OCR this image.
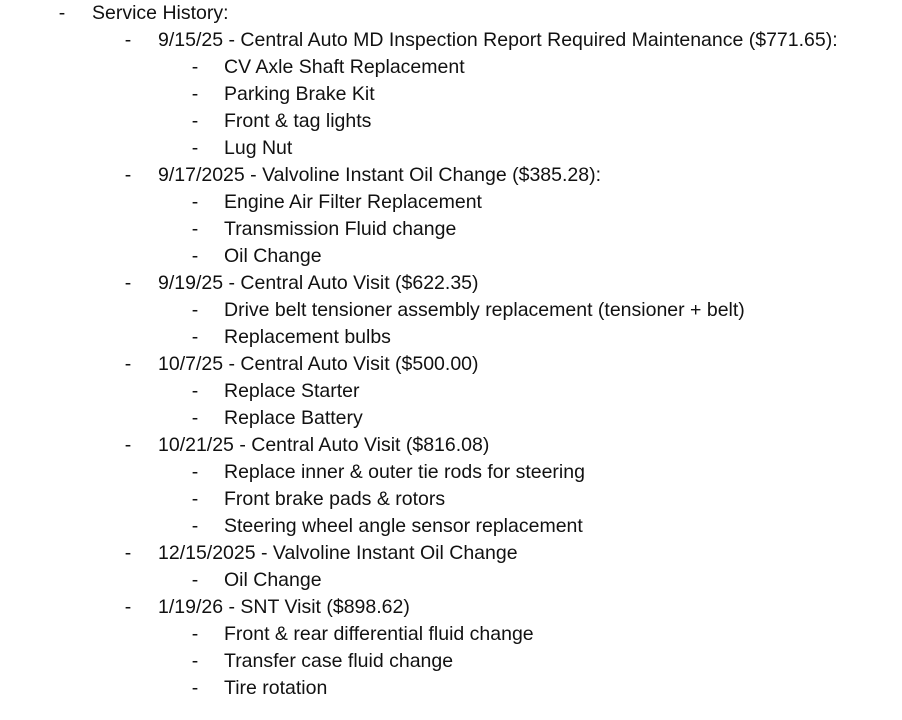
- Service History:
- 9/15/25 - Central Auto MD Inspection Report Required Maintenance ($771.65):
- CV Axle Shaft Replacement
- Parking Brake Kit
- Front & tag lights
- Lug Nut
- 9/17/2025 - Valvoline Instant Oil Change ($385.28):
- Engine Air Filter Replacement
- Transmission Fluid change
- Oil Change
- 9/19/25 - Central Auto Visit ($622.35)
- Drive belt tensioner assembly replacement (tensioner + belt)
- Replacement bulbs
- 10/7/25 - Central Auto Visit ($500.00)
- Replace Starter
- Replace Battery
- 10/21/25 - Central Auto Visit ($816.08)
- Replace inner & outer tie rods for steering
- Front brake pads & rotors
- Steering wheel angle sensor replacement
- 12/15/2025 - Valvoline Instant Oil Change
- Oil Change
- 1/19/26 - SNT Visit ($898.62)
- Front & rear differential fluid change
- Transfer case fluid change
- Tire rotation
